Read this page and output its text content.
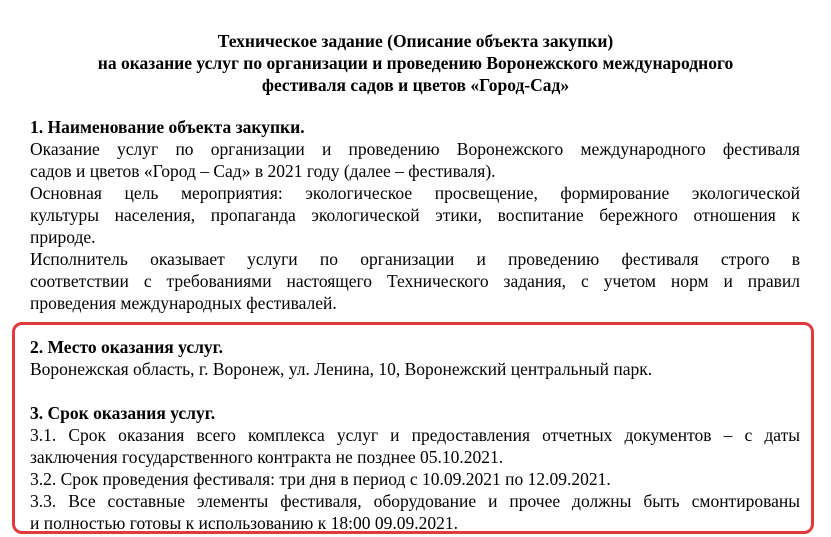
Техническое задание (Описание объекта закупки)
на оказание услуг по организации и проведению Воронежского международного
фестиваля садов и цветов «Город-Сад»
1. Наименование объекта закупки.
Оказание услуг по организации и проведению Воронежского международного фестиваля
садов и цветов «Город – Сад» в 2021 году (далее – фестиваля).
Основная цель мероприятия: экологическое просвещение, формирование экологической
культуры населения, пропаганда экологической этики, воспитание бережного отношения к
природе.
Исполнитель оказывает услуги по организации и проведению фестиваля строго в
соответствии с требованиями настоящего Технического задания, с учетом норм и правил
проведения международных фестивалей.
2. Место оказания услуг.
Воронежская область, г. Воронеж, ул. Ленина, 10, Воронежский центральный парк.
3. Срок оказания услуг.
3.1. Срок оказания всего комплекса услуг и предоставления отчетных документов – с даты
заключения государственного контракта не позднее 05.10.2021.
3.2. Срок проведения фестиваля: три дня в период с 10.09.2021 по 12.09.2021.
3.3. Все составные элементы фестиваля, оборудование и прочее должны быть смонтированы
и полностью готовы к использованию к 18:00 09.09.2021.
